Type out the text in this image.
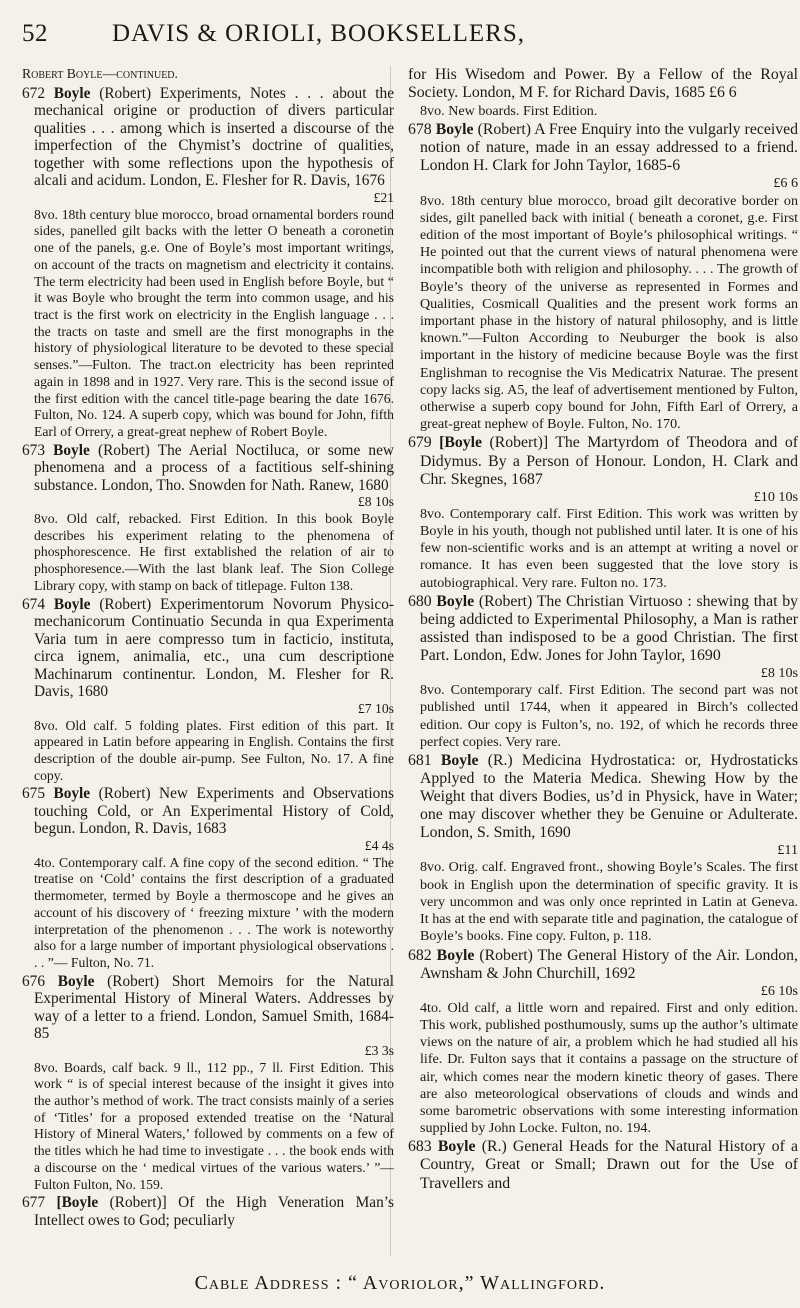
52	DAVIS & ORIOLI, BOOKSELLERS,
Robert Boyle—continued.
672 Boyle (Robert) Experiments, Notes . . . about the mechanical origine or production of divers particular qualities . . . among which is inserted a discourse of the imperfection of the Chymist’s doctrine of qualities, together with some reflections upon the hypothesis of alcali and acidum. London, E. Flesher for R. Davis, 1676
£21

8vo. 18th century blue morocco, broad ornamental borders round sides, panelled gilt backs with the letter O beneath a coronetin one of the panels, g.e. One of Boyle’s most important writings, on account of the tracts on magnetism and electricity it contains. The term electricity had been used in English before Boyle, but “ it was Boyle who brought the term into common usage, and his tract is the first work on electricity in the English language . . . the tracts on taste and smell are the first monographs in the history of physiological literature to be devoted to these special senses.”—Fulton. The tract.on electricity has been reprinted again in 1898 and in 1927. Very rare. This is the second issue of the first edition with the cancel title-page bearing the date 1676. Fulton, No. 124. A superb copy, which was bound for John, fifth Earl of Orrery, a great-great nephew of Robert Boyle.

673 Boyle (Robert) The Aerial Noctiluca, or some new phenomena and a process of a factitious self-shining substance. London, Tho. Snowden for Nath. Ranew, 1680
£8 10s

8vo. Old calf, rebacked. First Edition. In this book Boyle describes his experiment relating to the phenomena of phosphorescence. He first extablished the relation of air to phosphoresence.—With the last blank leaf. The Sion College Library copy, with stamp on back of titlepage. Fulton 138.

674 Boyle (Robert) Experimentorum Novorum Physico-mechanicorum Continuatio Secunda in qua Experimenta Varia tum in aere compresso tum in facticio, instituta, circa ignem, animalia, etc., una cum descriptione Machinarum continentur. London, M. Flesher for R. Davis, 1680
£7 10s

8vo. Old calf. 5 folding plates. First edition of this part. It appeared in Latin before appearing in English. Contains the first description of the double air-pump. See Fulton, No. 17. A fine copy.

675 Boyle (Robert) New Experiments and Observations touching Cold, or An Experimental History of Cold, begun. London, R. Davis, 1683
£4 4s

4to. Contemporary calf. A fine copy of the second edition. “ The treatise on ‘Cold’ contains the first description of a graduated thermometer, termed by Boyle a thermoscope and he gives an account of his discovery of ‘ freezing mixture ’ with the modern interpretation of the phenomenon . . . The work is noteworthy also for a large number of important physiological observations . . . ”— Fulton, No. 71.

676 Boyle (Robert) Short Memoirs for the Natural Experimental History of Mineral Waters. Addresses by way of a letter to a friend. London, Samuel Smith, 1684-85
£3 3s

8vo. Boards, calf back. 9 ll., 112 pp., 7 ll. First Edition. This work “ is of special interest because of the insight it gives into the author’s method of work. The tract consists mainly of a series of ‘Titles’ for a proposed extended treatise on the ‘Natural History of Mineral Waters,’ followed by comments on a few of the titles which he had time to investigate . . . the book ends with a discourse on the ‘ medical virtues of the various waters.’ ”—Fulton Fulton, No. 159.

677 [Boyle (Robert)] Of the High Veneration Man’s Intellect owes to God; peculiarly
for His Wisedom and Power. By a Fellow of the Royal Society. London, M F. for Richard Davis, 1685 £6 6

8vo. New boards. First Edition.

678 Boyle (Robert) A Free Enquiry into the vulgarly received notion of nature, made in an essay addressed to a friend. London H. Clark for John Taylor, 1685-6
£6 6

8vo. 18th century blue morocco, broad gilt decorative border on sides, gilt panelled back with initial ( beneath a coronet, g.e. First edition of the most important of Boyle’s philosophical writings. “ He pointed out that the current views of natural phenomena were incompatible both with religion and philosophy. . . . The growth of Boyle’s theory of the universe as represented in Formes and Qualities, Cosmicall Qualities and the present work forms an important phase in the history of natural philosophy, and is little known.”—Fulton According to Neuburger the book is also important in the history of medicine because Boyle was the first Englishman to recognise the Vis Medicatrix Naturae. The present copy lacks sig. A5, the leaf of advertisement mentioned by Fulton, otherwise a superb copy bound for John, Fifth Earl of Orrery, a great-great nephew of Boyle. Fulton, No. 170.

679 [Boyle (Robert)] The Martyrdom of Theodora and of Didymus. By a Person of Honour. London, H. Clark and Chr. Skegnes, 1687
£10 10s

8vo. Contemporary calf. First Edition. This work was written by Boyle in his youth, though not published until later. It is one of his few non-scientific works and is an attempt at writing a novel or romance. It has even been suggested that the love story is autobiographical. Very rare. Fulton no. 173.

680 Boyle (Robert) The Christian Virtuoso : shewing that by being addicted to Experimental Philosophy, a Man is rather assisted than indisposed to be a good Christian. The first Part. London, Edw. Jones for John Taylor, 1690
£8 10s

8vo. Contemporary calf. First Edition. The second part was not published until 1744, when it appeared in Birch’s collected edition. Our copy is Fulton’s, no. 192, of which he records three perfect copies. Very rare.

681 Boyle (R.) Medicina Hydrostatica: or, Hydrostaticks Applyed to the Materia Medica. Shewing How by the Weight that divers Bodies, us’d in Physick, have in Water; one may discover whether they be Genuine or Adulterate. London, S. Smith, 1690
£11

8vo. Orig. calf. Engraved front., showing Boyle’s Scales. The first book in English upon the determination of specific gravity. It is very uncommon and was only once reprinted in Latin at Geneva. It has at the end with separate title and pagination, the catalogue of Boyle’s books. Fine copy. Fulton, p. 118.

682 Boyle (Robert) The General History of the Air. London, Awnsham & John Churchill, 1692
£6 10s

4to. Old calf, a little worn and repaired. First and only edition. This work, published posthumously, sums up the author’s ultimate views on the nature of air, a problem which he had studied all his life. Dr. Fulton says that it contains a passage on the structure of air, which comes near the modern kinetic theory of gases. There are also meteorological observations of clouds and winds and some barometric observations with some interesting information supplied by John Locke. Fulton, no. 194.

683 Boyle (R.) General Heads for the Natural History of a Country, Great or Small; Drawn out for the Use of Travellers and
Cable Address : “ Avoriolor,” Wallingford.
